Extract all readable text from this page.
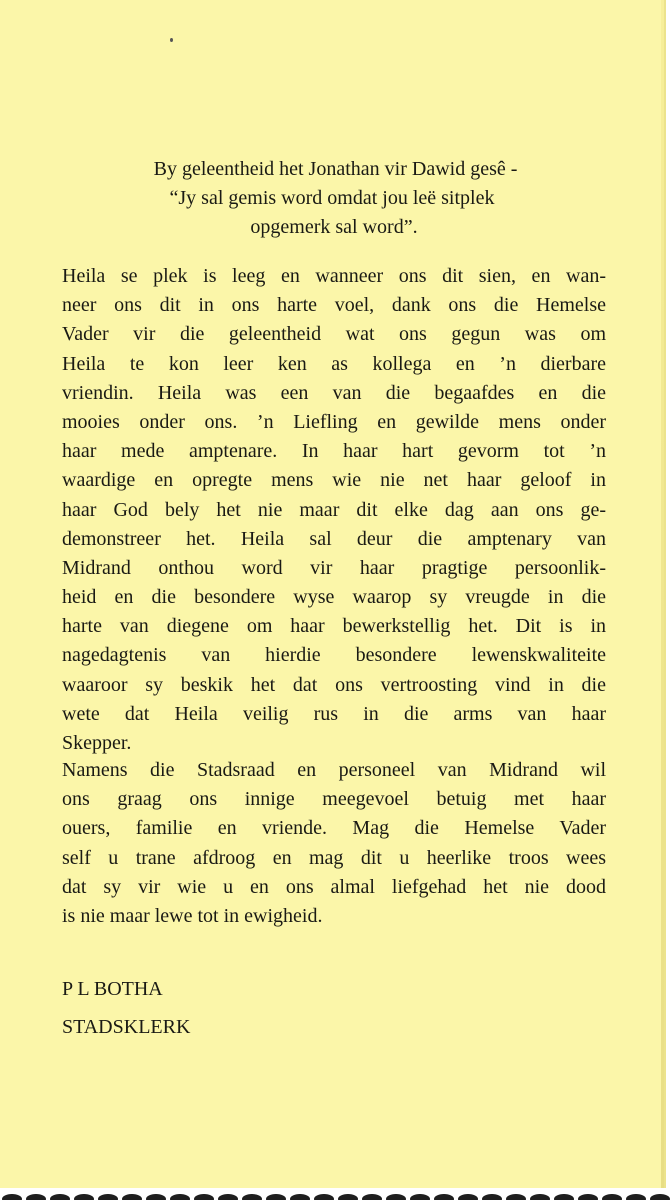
By geleentheid het Jonathan vir Dawid gesê -
“Jy sal gemis word omdat jou leë sitplek
opgemerk sal word”.
Heila se plek is leeg en wanneer ons dit sien, en wan-
neer ons dit in ons harte voel, dank ons die Hemelse
Vader vir die geleentheid wat ons gegun was om
Heila te kon leer ken as kollega en ’n dierbare
vriendin. Heila was een van die begaafdes en die
mooies onder ons. ’n Liefling en gewilde mens onder
haar mede amptenare. In haar hart gevorm tot ’n
waardige en opregte mens wie nie net haar geloof in
haar God bely het nie maar dit elke dag aan ons ge-
demonstreer het. Heila sal deur die amptenary van
Midrand onthou word vir haar pragtige persoonlik-
heid en die besondere wyse waarop sy vreugde in die
harte van diegene om haar bewerkstellig het. Dit is in
nagedagtenis van hierdie besondere lewenskwaliteite
waaroor sy beskik het dat ons vertroosting vind in die
wete dat Heila veilig rus in die arms van haar
Skepper.
Namens die Stadsraad en personeel van Midrand wil
ons graag ons innige meegevoel betuig met haar
ouers, familie en vriende. Mag die Hemelse Vader
self u trane afdroog en mag dit u heerlike troos wees
dat sy vir wie u en ons almal liefgehad het nie dood
is nie maar lewe tot in ewigheid.
P L BOTHA
STADSKLERK
